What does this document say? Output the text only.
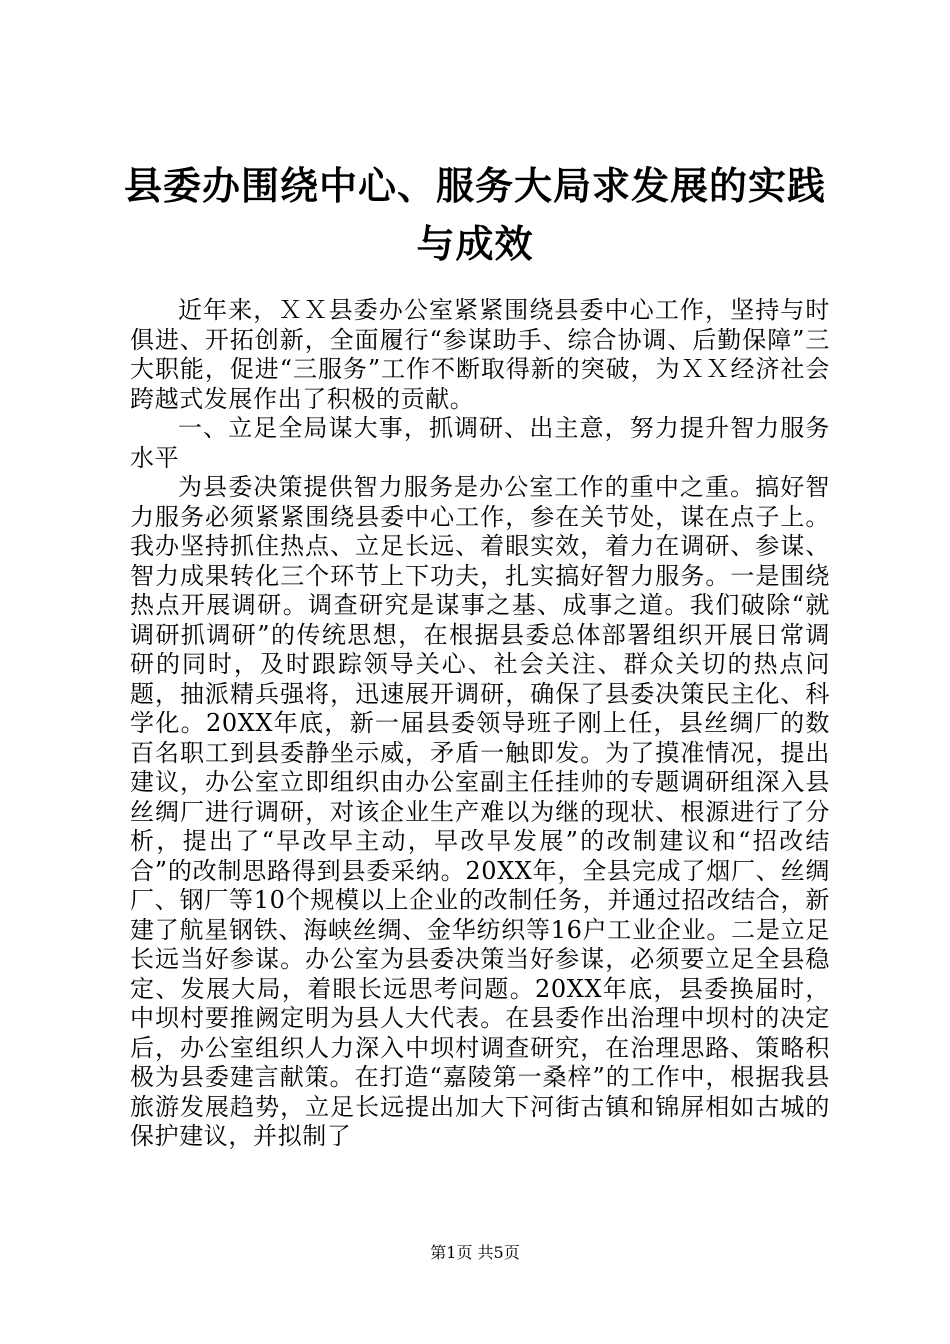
县委办围绕中心、服务大局求发展的实践与成效

近年来，ＸＸ县委办公室紧紧围绕县委中心工作，坚持与时俱进、开拓创新，全面履行“参谋助手、综合协调、后勤保障”三大职能，促进“三服务”工作不断取得新的突破，为ＸＸ经济社会跨越式发展作出了积极的贡献。

一、立足全局谋大事，抓调研、出主意，努力提升智力服务水平

为县委决策提供智力服务是办公室工作的重中之重。搞好智力服务必须紧紧围绕县委中心工作，参在关节处，谋在点子上。我办坚持抓住热点、立足长远、着眼实效，着力在调研、参谋、智力成果转化三个环节上下功夫，扎实搞好智力服务。一是围绕热点开展调研。调查研究是谋事之基、成事之道。我们破除“就调研抓调研”的传统思想，在根据县委总体部署组织开展日常调研的同时，及时跟踪领导关心、社会关注、群众关切的热点问题，抽派精兵强将，迅速展开调研，确保了县委决策民主化、科学化。20XX年底，新一届县委领导班子刚上任，县丝绸厂的数百名职工到县委静坐示威，矛盾一触即发。为了摸准情况，提出建议，办公室立即组织由办公室副主任挂帅的专题调研组深入县丝绸厂进行调研，对该企业生产难以为继的现状、根源进行了分析，提出了“早改早主动，早改早发展”的改制建议和“招改结合”的改制思路得到县委采纳。20XX年，全县完成了烟厂、丝绸厂、钢厂等10个规模以上企业的改制任务，并通过招改结合，新建了航星钢铁、海峡丝绸、金华纺织等16户工业企业。二是立足长远当好参谋。办公室为县委决策当好参谋，必须要立足全县稳定、发展大局，着眼长远思考问题。20XX年底，县委换届时，中坝村要推阙定明为县人大代表。在县委作出治理中坝村的决定后，办公室组织人力深入中坝村调查研究，在治理思路、策略积极为县委建言献策。在打造“嘉陵第一桑梓”的工作中，根据我县旅游发展趋势，立足长远提出加大下河街古镇和锦屏相如古城的保护建议，并拟制了

第1页 共5页
